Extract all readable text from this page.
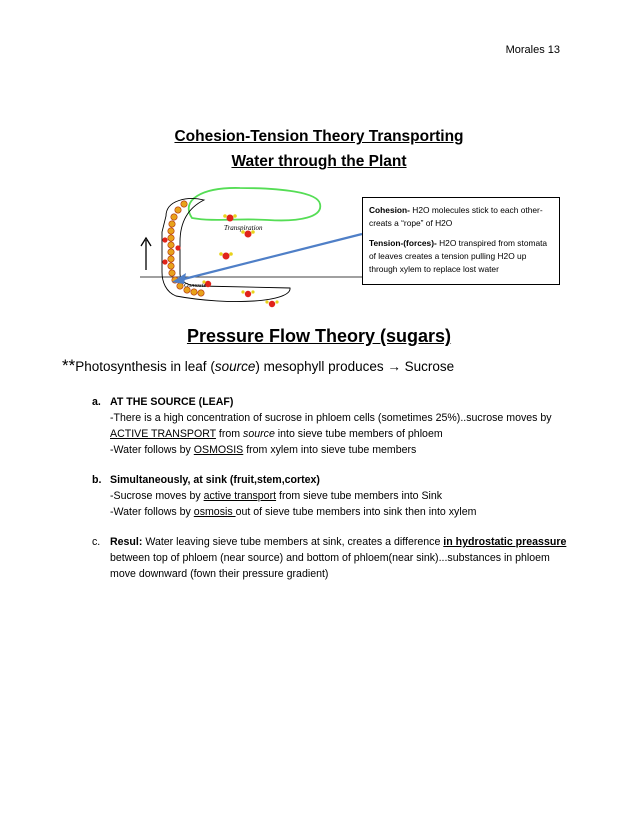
Morales 13
Cohesion-Tension Theory Transporting
Water through the Plant
Transpiration
Osmosis

Cohesion- H2O molecules stick to each other-creats a “rope” of H2O

Tension-(forces)- H2O transpired from stomata of leaves creates a tension pulling H2O up through xylem to replace lost water

Pressure Flow Theory (sugars)
**Photosynthesis in leaf (source) mesophyll produces → Sucrose
a. AT THE SOURCE (LEAF)
-There is a high concentration of sucrose in phloem cells (sometimes 25%)..sucrose moves by ACTIVE TRANSPORT from source into sieve tube members of phloem
-Water follows by OSMOSIS from xylem into sieve tube members
b. Simultaneously, at sink (fruit,stem,cortex)
-Sucrose moves by active transport from sieve tube members into Sink
-Water follows by osmosis out of sieve tube members into sink then into xylem
c. Resul: Water leaving sieve tube members at sink, creates a difference in hydrostatic preassure between top of phloem (near source) and bottom of phloem(near sink)...substances in phloem move downward (fown their pressure gradient)
